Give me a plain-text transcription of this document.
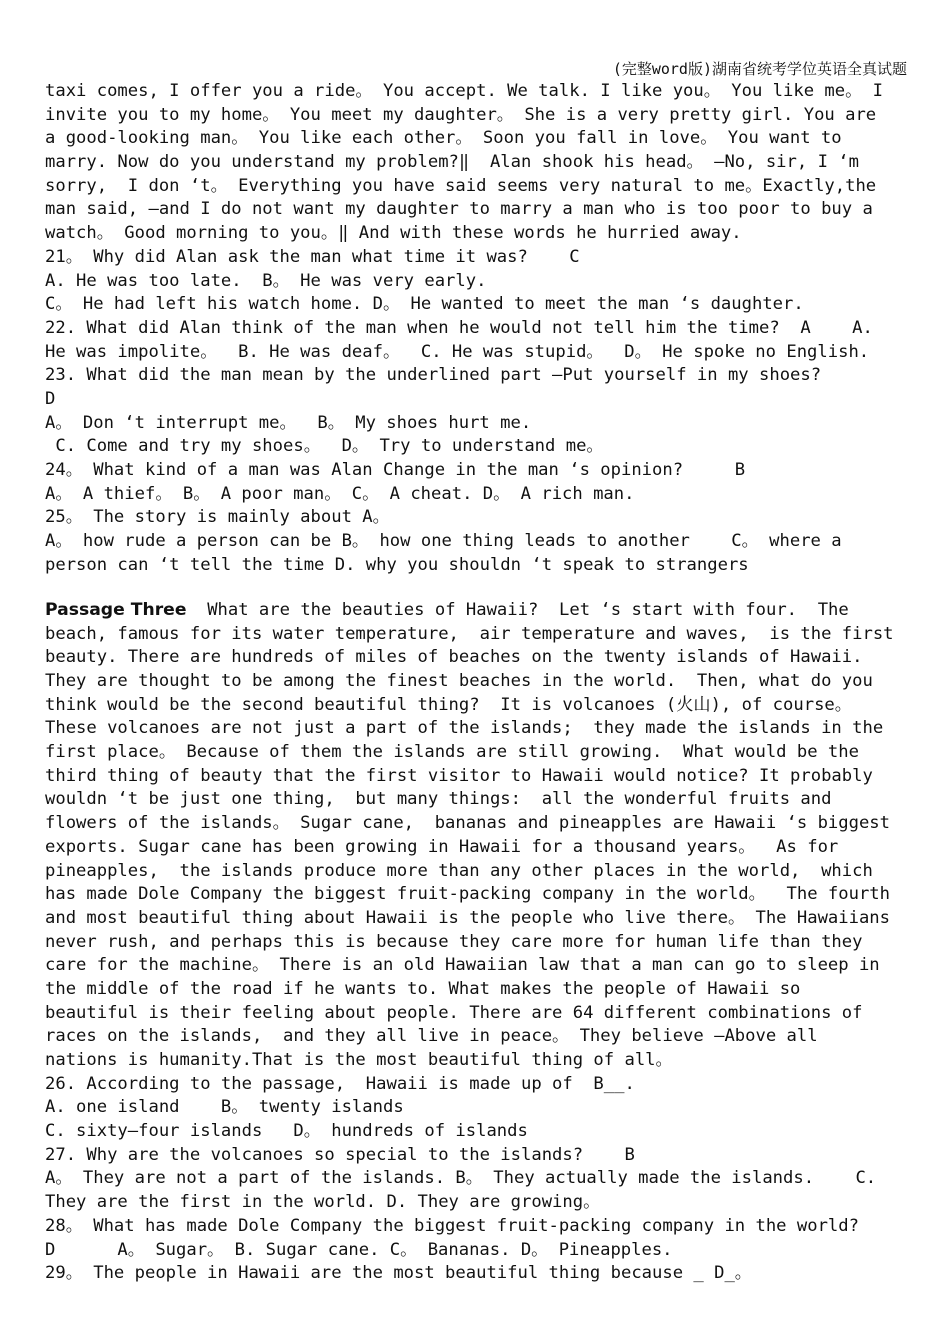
(完整word版)湖南省统考学位英语全真试题
taxi comes, I offer you a ride。 You accept. We talk. I like you。 You like me。 I
invite you to my home。 You meet my daughter。 She is a very pretty girl. You are
a good-looking man。 You like each other。 Soon you fall in love。 You want to
marry. Now do you understand my problem?‖  Alan shook his head。 —No, sir, I ‘m
sorry,  I don ‘t。 Everything you have said seems very natural to me。Exactly,the
man said, —and I do not want my daughter to marry a man who is too poor to buy a
watch。 Good morning to you。‖ And with these words he hurried away.
21。 Why did Alan ask the man what time it was?    C
A. He was too late.  B。 He was very early.
C。 He had left his watch home. D。 He wanted to meet the man ‘s daughter.
22. What did Alan think of the man when he would not tell him the time?  A    A.
He was impolite。  B. He was deaf。  C. He was stupid。  D。 He spoke no English.
23. What did the man mean by the underlined part —Put yourself in my shoes?
D
A。 Don ‘t interrupt me。  B。 My shoes hurt me.
C. Come and try my shoes。  D。 Try to understand me。
24。 What kind of a man was Alan Change in the man ‘s opinion?     B
A。 A thief。 B。 A poor man。 C。 A cheat. D。 A rich man.
25。 The story is mainly about A。
A。 how rude a person can be B。 how one thing leads to another    C。 where a
person can ‘t tell the time D. why you shouldn ‘t speak to strangers
Passage Three  What are the beauties of Hawaii?  Let ‘s start with four.  The
beach, famous for its water temperature,  air temperature and waves,  is the first
beauty. There are hundreds of miles of beaches on the twenty islands of Hawaii.
They are thought to be among the finest beaches in the world.  Then, what do you
think would be the second beautiful thing?  It is volcanoes (火山), of course。
These volcanoes are not just a part of the islands;  they made the islands in the
first place。 Because of them the islands are still growing.  What would be the
third thing of beauty that the first visitor to Hawaii would notice? It probably
wouldn ‘t be just one thing,  but many things:  all the wonderful fruits and
flowers of the islands。 Sugar cane,  bananas and pineapples are Hawaii ‘s biggest
exports. Sugar cane has been growing in Hawaii for a thousand years。  As for
pineapples,  the islands produce more than any other places in the world,  which
has made Dole Company the biggest fruit-packing company in the world。  The fourth
and most beautiful thing about Hawaii is the people who live there。 The Hawaiians
never rush, and perhaps this is because they care more for human life than they
care for the machine。 There is an old Hawaiian law that a man can go to sleep in
the middle of the road if he wants to. What makes the people of Hawaii so
beautiful is their feeling about people. There are 64 different combinations of
races on the islands,  and they all live in peace。 They believe —Above all
nations is humanity.That is the most beautiful thing of all。
26. According to the passage,  Hawaii is made up of  B__.
A. one island    B。 twenty islands
C. sixty—four islands   D。 hundreds of islands
27. Why are the volcanoes so special to the islands?    B
A。 They are not a part of the islands. B。 They actually made the islands.    C.
They are the first in the world. D. They are growing。
28。 What has made Dole Company the biggest fruit-packing company in the world?
D      A。 Sugar。 B. Sugar cane. C。 Bananas. D。 Pineapples.
29。 The people in Hawaii are the most beautiful thing because _ D_。
